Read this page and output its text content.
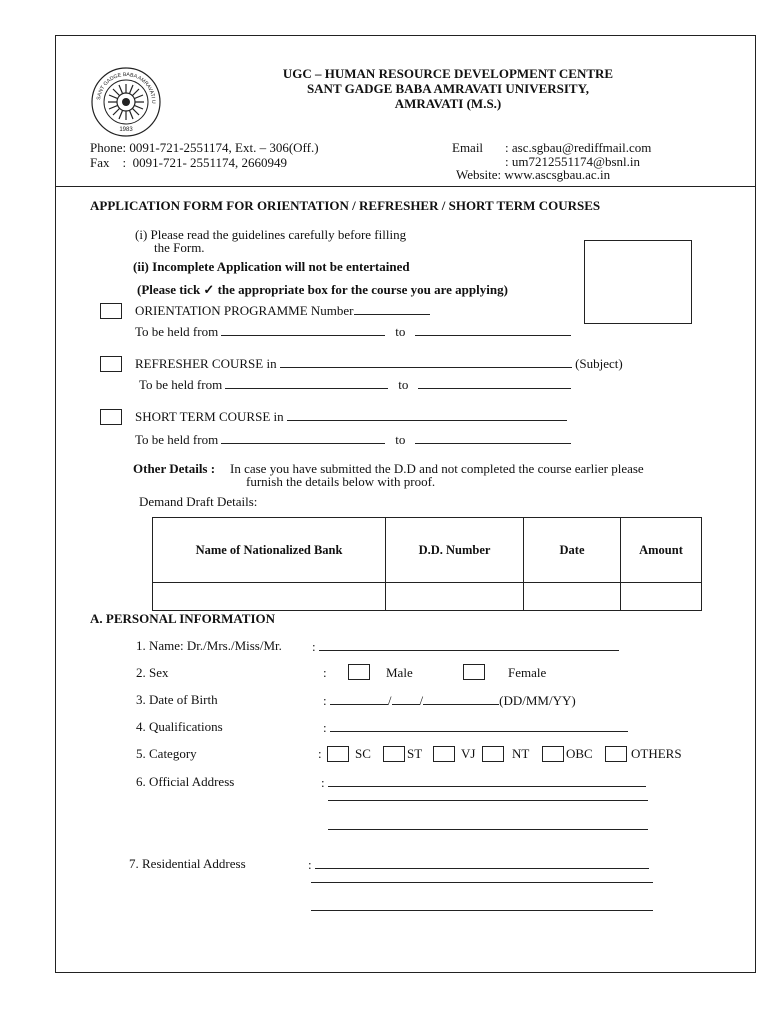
SANT GADGE BABA AMRAVATI U
1983
UGC – HUMAN RESOURCE DEVELOPMENT CENTRE
SANT GADGE BABA AMRAVATI UNIVERSITY,
AMRAVATI (M.S.)
Phone: 0091-721-2551174, Ext. – 306(Off.)
Fax    :  0091-721- 2551174, 2660949
Email : asc.sgbau@rediffmail.com
: um7212551174@bsnl.in
Website: www.ascsgbau.ac.in
APPLICATION FORM FOR ORIENTATION / REFRESHER / SHORT TERM COURSES
(i) Please read the guidelines carefully before filling
the Form.
(ii) Incomplete Application will not be entertained
(Please tick ✓ the appropriate box for the course you are applying)
ORIENTATION PROGRAMME Number
To be held from	to
REFRESHER COURSE in	(Subject)
To be held from	to
SHORT TERM COURSE in
To be held from	to
Other Details : In case you have submitted the D.D and not completed the course earlier please
furnish the details below with proof.
Demand Draft Details:
Name of Nationalized Bank	D.D. Number	Date	Amount

A. PERSONAL INFORMATION
1. Name: Dr./Mrs./Miss/Mr. :
2. Sex	:	Male	Female
3. Date of Birth	:	/ /	(DD/MM/YY)
4. Qualifications	:
5. Category	:	SC	ST	VJ	NT	OBC	OTHERS
6. Official Address	:
7. Residential Address	:
